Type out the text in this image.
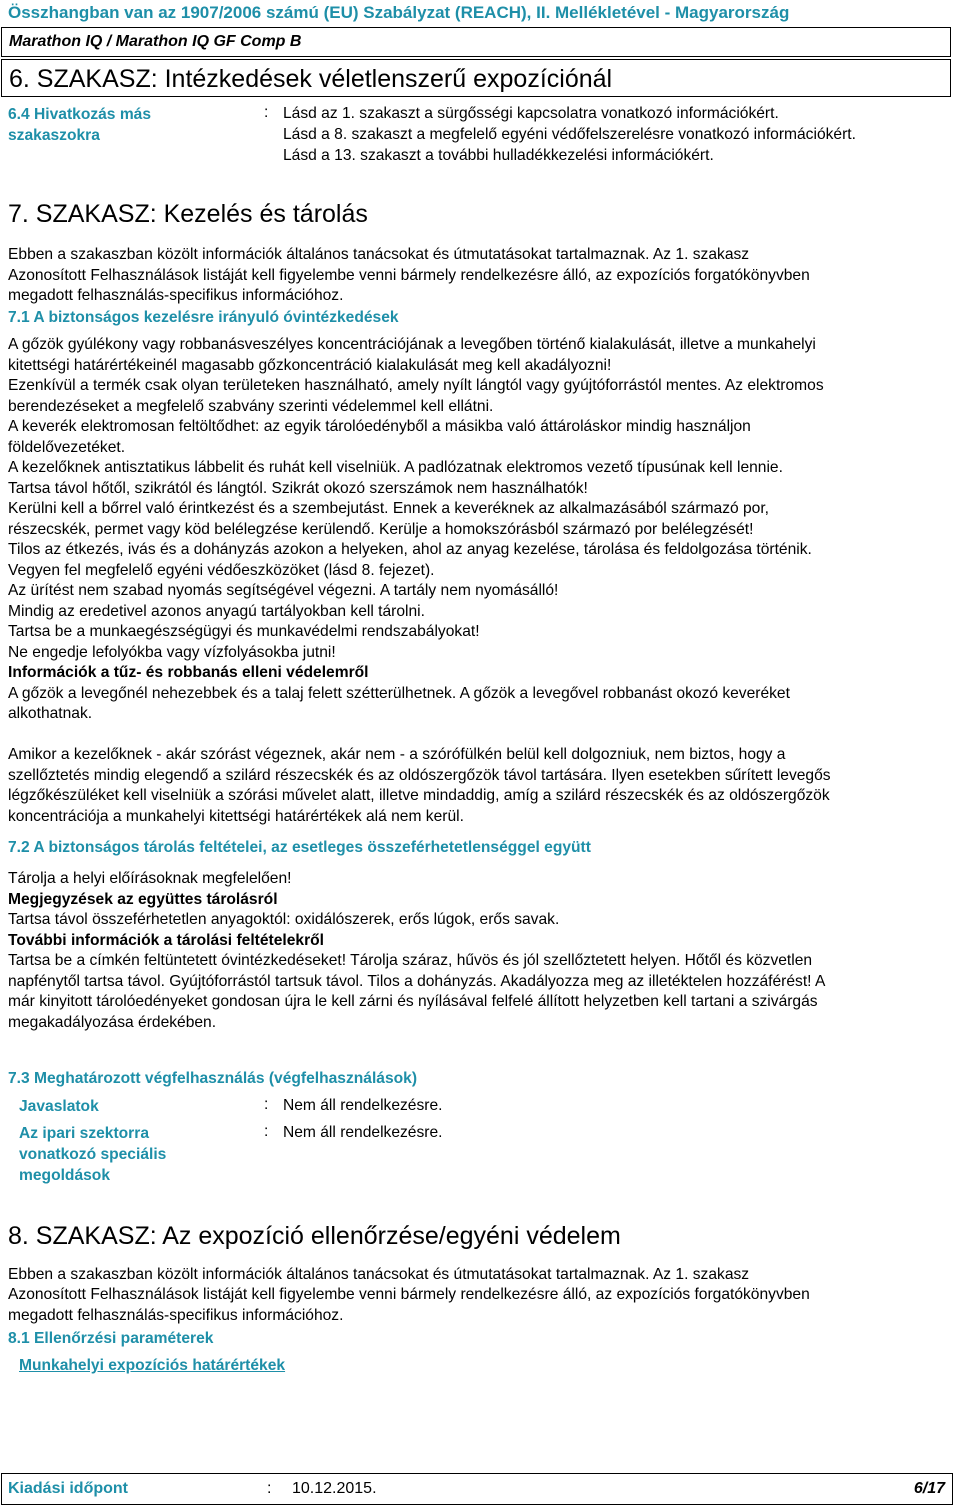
Összhangban van az 1907/2006 számú (EU) Szabályzat (REACH), II. Mellékletével - Magyarország
Marathon IQ / Marathon IQ GF Comp B
6. SZAKASZ: Intézkedések véletlenszerű expozíciónál
6.4 Hivatkozás más
szakaszokra
: Lásd az 1. szakaszt a sürgősségi kapcsolatra vonatkozó információkért.
Lásd a 8. szakaszt a megfelelő egyéni védőfelszerelésre vonatkozó információkért.
Lásd a 13. szakaszt a további hulladékkezelési információkért.
7. SZAKASZ: Kezelés és tárolás
Ebben a szakaszban közölt információk általános tanácsokat és útmutatásokat tartalmaznak. Az 1. szakasz
Azonosított Felhasználások listáját kell figyelembe venni bármely rendelkezésre álló, az expozíciós forgatókönyvben
megadott felhasználás-specifikus információhoz.
7.1 A biztonságos kezelésre irányuló óvintézkedések
A gőzök gyúlékony vagy robbanásveszélyes koncentrációjának a levegőben történő kialakulását, illetve a munkahelyi
kitettségi határértékeinél magasabb gőzkoncentráció kialakulását meg kell akadályozni!
Ezenkívül a termék csak olyan területeken használható, amely nyílt lángtól vagy gyújtóforrástól mentes. Az elektromos
berendezéseket a megfelelő szabvány szerinti védelemmel kell ellátni.
A keverék elektromosan feltöltődhet: az egyik tárolóedényből a másikba való áttároláskor mindig használjon
földelővezetéket.
A kezelőknek antisztatikus lábbelit és ruhát kell viselniük. A padlózatnak elektromos vezető típusúnak kell lennie.
Tartsa távol hőtől, szikrától és lángtól. Szikrát okozó szerszámok nem használhatók!
Kerülni kell a bőrrel való érintkezést és a szembejutást. Ennek a keveréknek az alkalmazásából származó por,
részecskék, permet vagy köd belélegzése kerülendő. Kerülje a homokszórásból származó por belélegzését!
Tilos az étkezés, ivás és a dohányzás azokon a helyeken, ahol az anyag kezelése, tárolása és feldolgozása történik.
Vegyen fel megfelelő egyéni védőeszközöket (lásd 8. fejezet).
Az ürítést nem szabad nyomás segítségével végezni. A tartály nem nyomásálló!
Mindig az eredetivel azonos anyagú tartályokban kell tárolni.
Tartsa be a munkaegészségügyi és munkavédelmi rendszabályokat!
Ne engedje lefolyókba vagy vízfolyásokba jutni!
Információk a tűz- és robbanás elleni védelemről
A gőzök a levegőnél nehezebbek és a talaj felett szétterülhetnek. A gőzök a levegővel robbanást okozó keveréket
alkothatnak.
Amikor a kezelőknek - akár szórást végeznek, akár nem - a szórófülkén belül kell dolgozniuk, nem biztos, hogy a
szellőztetés mindig elegendő a szilárd részecskék és az oldószergőzök távol tartására. Ilyen esetekben sűrített levegős
légzőkészüléket kell viselniük a szórási művelet alatt, illetve mindaddig, amíg a szilárd részecskék és az oldószergőzök
koncentrációja a munkahelyi kitettségi határértékek alá nem kerül.
7.2 A biztonságos tárolás feltételei, az esetleges összeférhetetlenséggel együtt
Tárolja a helyi előírásoknak megfelelően!
Megjegyzések az együttes tárolásról
Tartsa távol összeférhetetlen anyagoktól: oxidálószerek, erős lúgok, erős savak.
További információk a tárolási feltételekről
Tartsa be a címkén feltüntetett óvintézkedéseket! Tárolja száraz, hűvös és jól szellőztetett helyen. Hőtől és közvetlen
napfénytől tartsa távol. Gyújtóforrástól tartsuk távol. Tilos a dohányzás. Akadályozza meg az illetéktelen hozzáférést! A
már kinyitott tárolóedényeket gondosan újra le kell zárni és nyílásával felfelé állított helyzetben kell tartani a szivárgás
megakadályozása érdekében.
7.3 Meghatározott végfelhasználás (végfelhasználások)
Javaslatok	: Nem áll rendelkezésre.
Az ipari szektorra
vonatkozó speciális
megoldások
: Nem áll rendelkezésre.
8. SZAKASZ: Az expozíció ellenőrzése/egyéni védelem
Ebben a szakaszban közölt információk általános tanácsokat és útmutatásokat tartalmaznak. Az 1. szakasz
Azonosított Felhasználások listáját kell figyelembe venni bármely rendelkezésre álló, az expozíciós forgatókönyvben
megadott felhasználás-specifikus információhoz.
8.1 Ellenőrzési paraméterek
Munkahelyi expozíciós határértékek
Kiadási időpont	: 10.12.2015.	6/17
